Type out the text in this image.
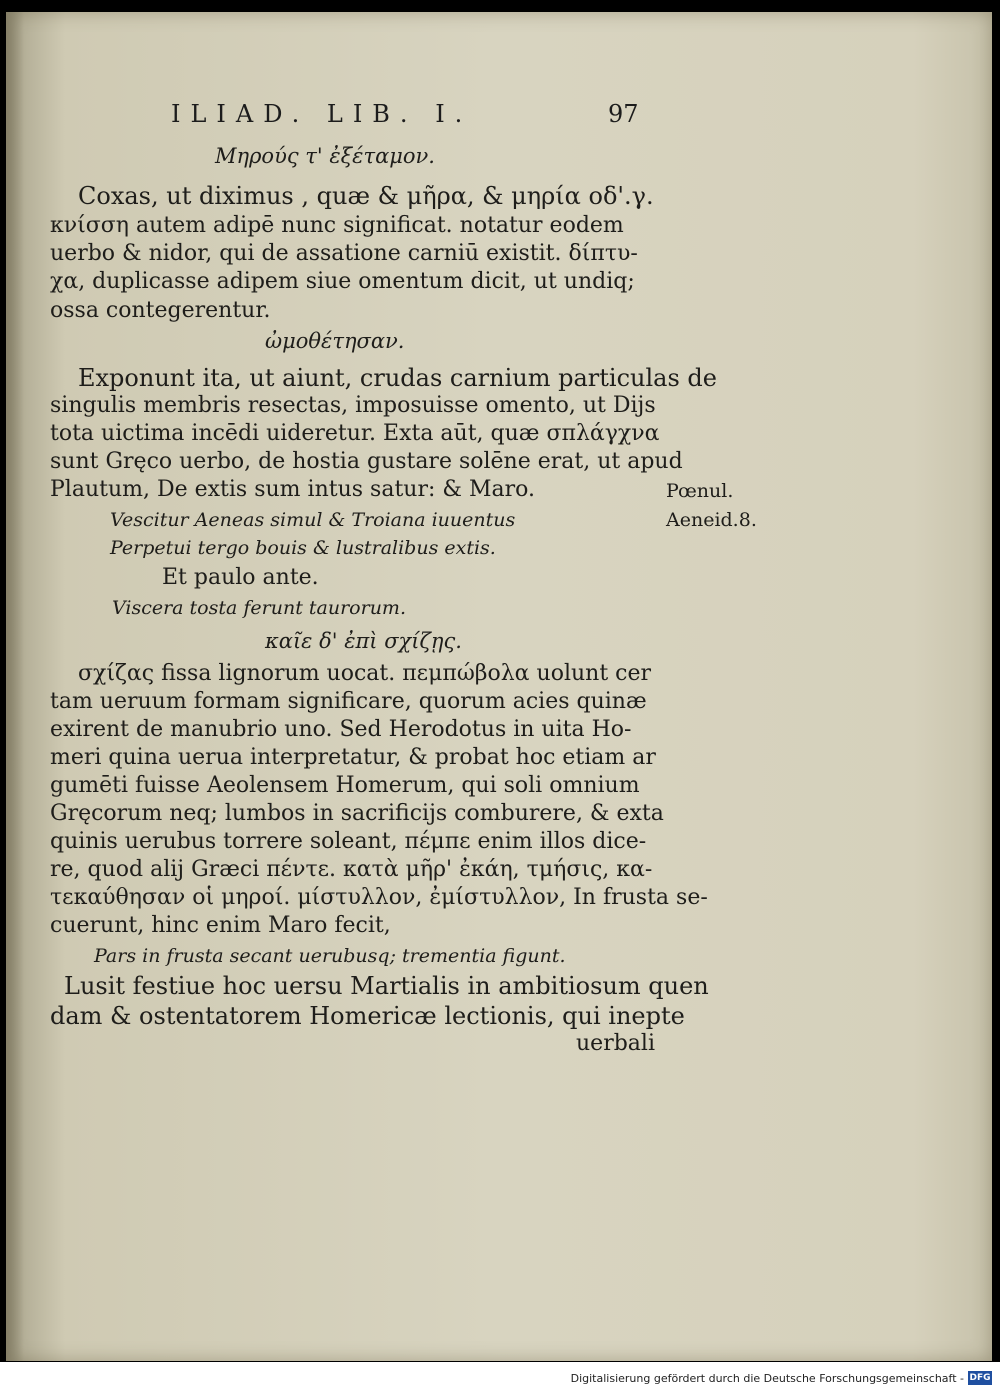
ILIAD. LIB. I.	97
Μηρούς τ' ἐξέταμον.
Coxas, ut diximus , quæ & μῆρα, & μηρία οδ'.γ.
κνίσση autem adipē nunc significat. notatur eodem
uerbo & nidor, qui de assatione carniū existit. δίπτυ-
χα, duplicasse adipem siue omentum dicit, ut undiq;
ossa contegerentur.
ὠμοθέτησαν.
Exponunt ita, ut aiunt, crudas carnium particulas de
singulis membris resectas, imposuisse omento, ut Dijs
tota uictima incēdi uideretur. Exta aūt, quæ σπλάγχνα
sunt Gręco uerbo, de hostia gustare solēne erat, ut apud
Plautum, De extis sum intus satur: & Maro.
Vescitur Aeneas simul & Troiana iuuentus
Perpetui tergo bouis & lustralibus extis.
Et paulo ante.
Viscera tosta ferunt taurorum.
καῖε δ' ἐπὶ σχίζῃς.
σχίζας fissa lignorum uocat. πεμπώβολα uolunt cer
tam ueruum formam significare, quorum acies quinæ
exirent de manubrio uno. Sed Herodotus in uita Ho-
meri quina uerua interpretatur, & probat hoc etiam ar
gumēti fuisse Aeolensem Homerum, qui soli omnium
Gręcorum neq; lumbos in sacrificijs comburere, & exta
quinis uerubus torrere soleant, πέμπε enim illos dice-
re, quod alij Græci πέντε. κατὰ μῆρ' ἐκάη, τμήσις, κα-
τεκαύθησαν οἱ μηροί. μίστυλλον, ἐμίστυλλον, In frusta se-
cuerunt, hinc enim Maro fecit,
Pars in frusta secant uerubusq; trementia figunt.
Lusit festiue hoc uersu Martialis in ambitiosum quen
dam & ostentatorem Homericæ lectionis, qui inepte
uerbali
Pœnul.
Aeneid.8.
Digitalisierung gefördert durch die Deutsche Forschungsgemeinschaft - DFG
